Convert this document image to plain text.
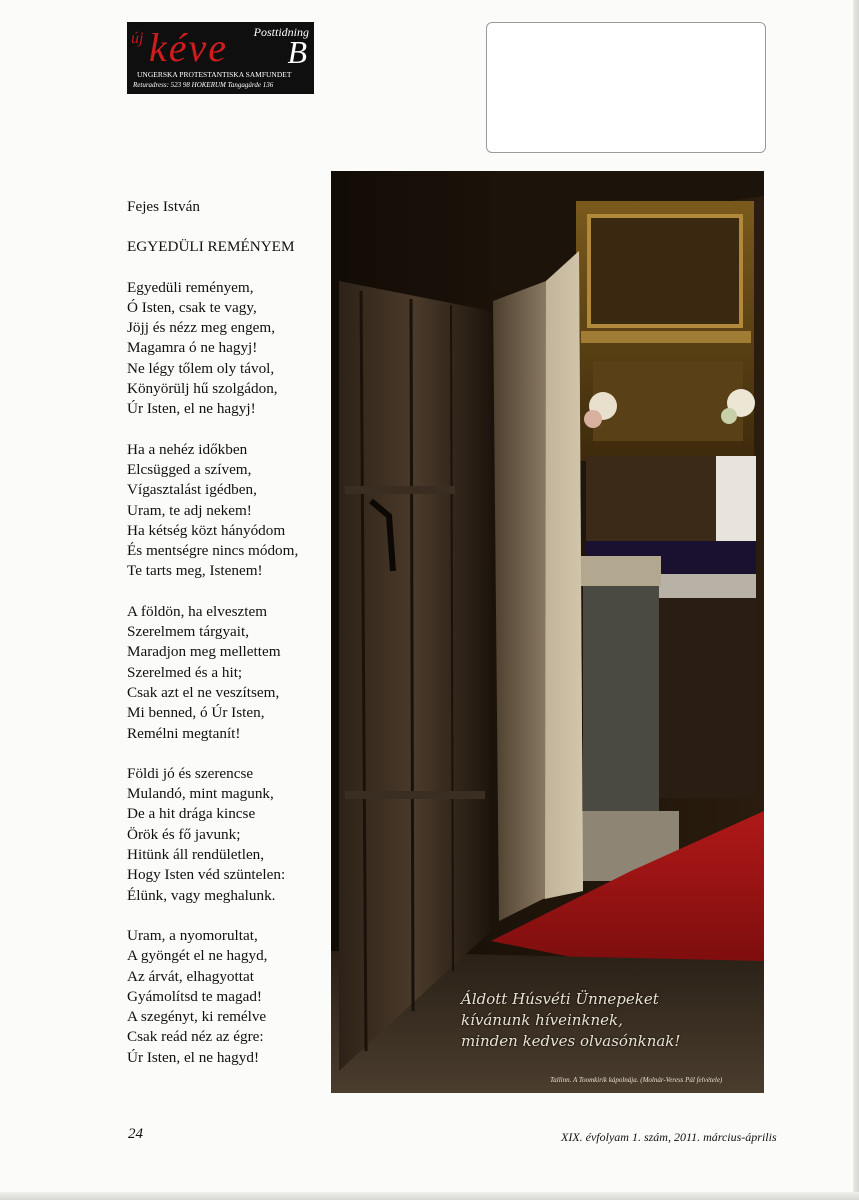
új kéve Posttidning
B
UNGERSKA PROTESTANTISKA SAMFUNDET
Returadress: 523 98 HOKERUM Tangagärde 136
Fejes István
EGYEDÜLI REMÉNYEM
Egyedüli reményem,
Ó Isten, csak te vagy,
Jöjj és nézz meg engem,
Magamra ó ne hagyj!
Ne légy tőlem oly távol,
Könyörülj hű szolgádon,
Úr Isten, el ne hagyj!
Ha a nehéz időkben
Elcsügged a szívem,
Vígasztalást igédben,
Uram, te adj nekem!
Ha kétség közt hányódom
És mentségre nincs módom,
Te tarts meg, Istenem!
A földön, ha elvesztem
Szerelmem tárgyait,
Maradjon meg mellettem
Szerelmed és a hit;
Csak azt el ne veszítsem,
Mi benned, ó Úr Isten,
Remélni megtanít!
Földi jó és szerencse
Mulandó, mint magunk,
De a hit drága kincse
Örök és fő javunk;
Hitünk áll rendületlen,
Hogy Isten véd szüntelen:
Élünk, vagy meghalunk.
Uram, a nyomorultat,
A gyöngét el ne hagyd,
Az árvát, elhagyottat
Gyámolítsd te magad!
A szegényt, ki remélve
Csak reád néz az égre:
Úr Isten, el ne hagyd!
Áldott Húsvéti Ünnepeket
kívánunk híveinknek,
minden kedves olvasónknak!
Tallinn. A Toomkirik kápolnája. (Molnár-Veress Pál felvétele)
24	XIX. évfolyam 1. szám, 2011. március-április
